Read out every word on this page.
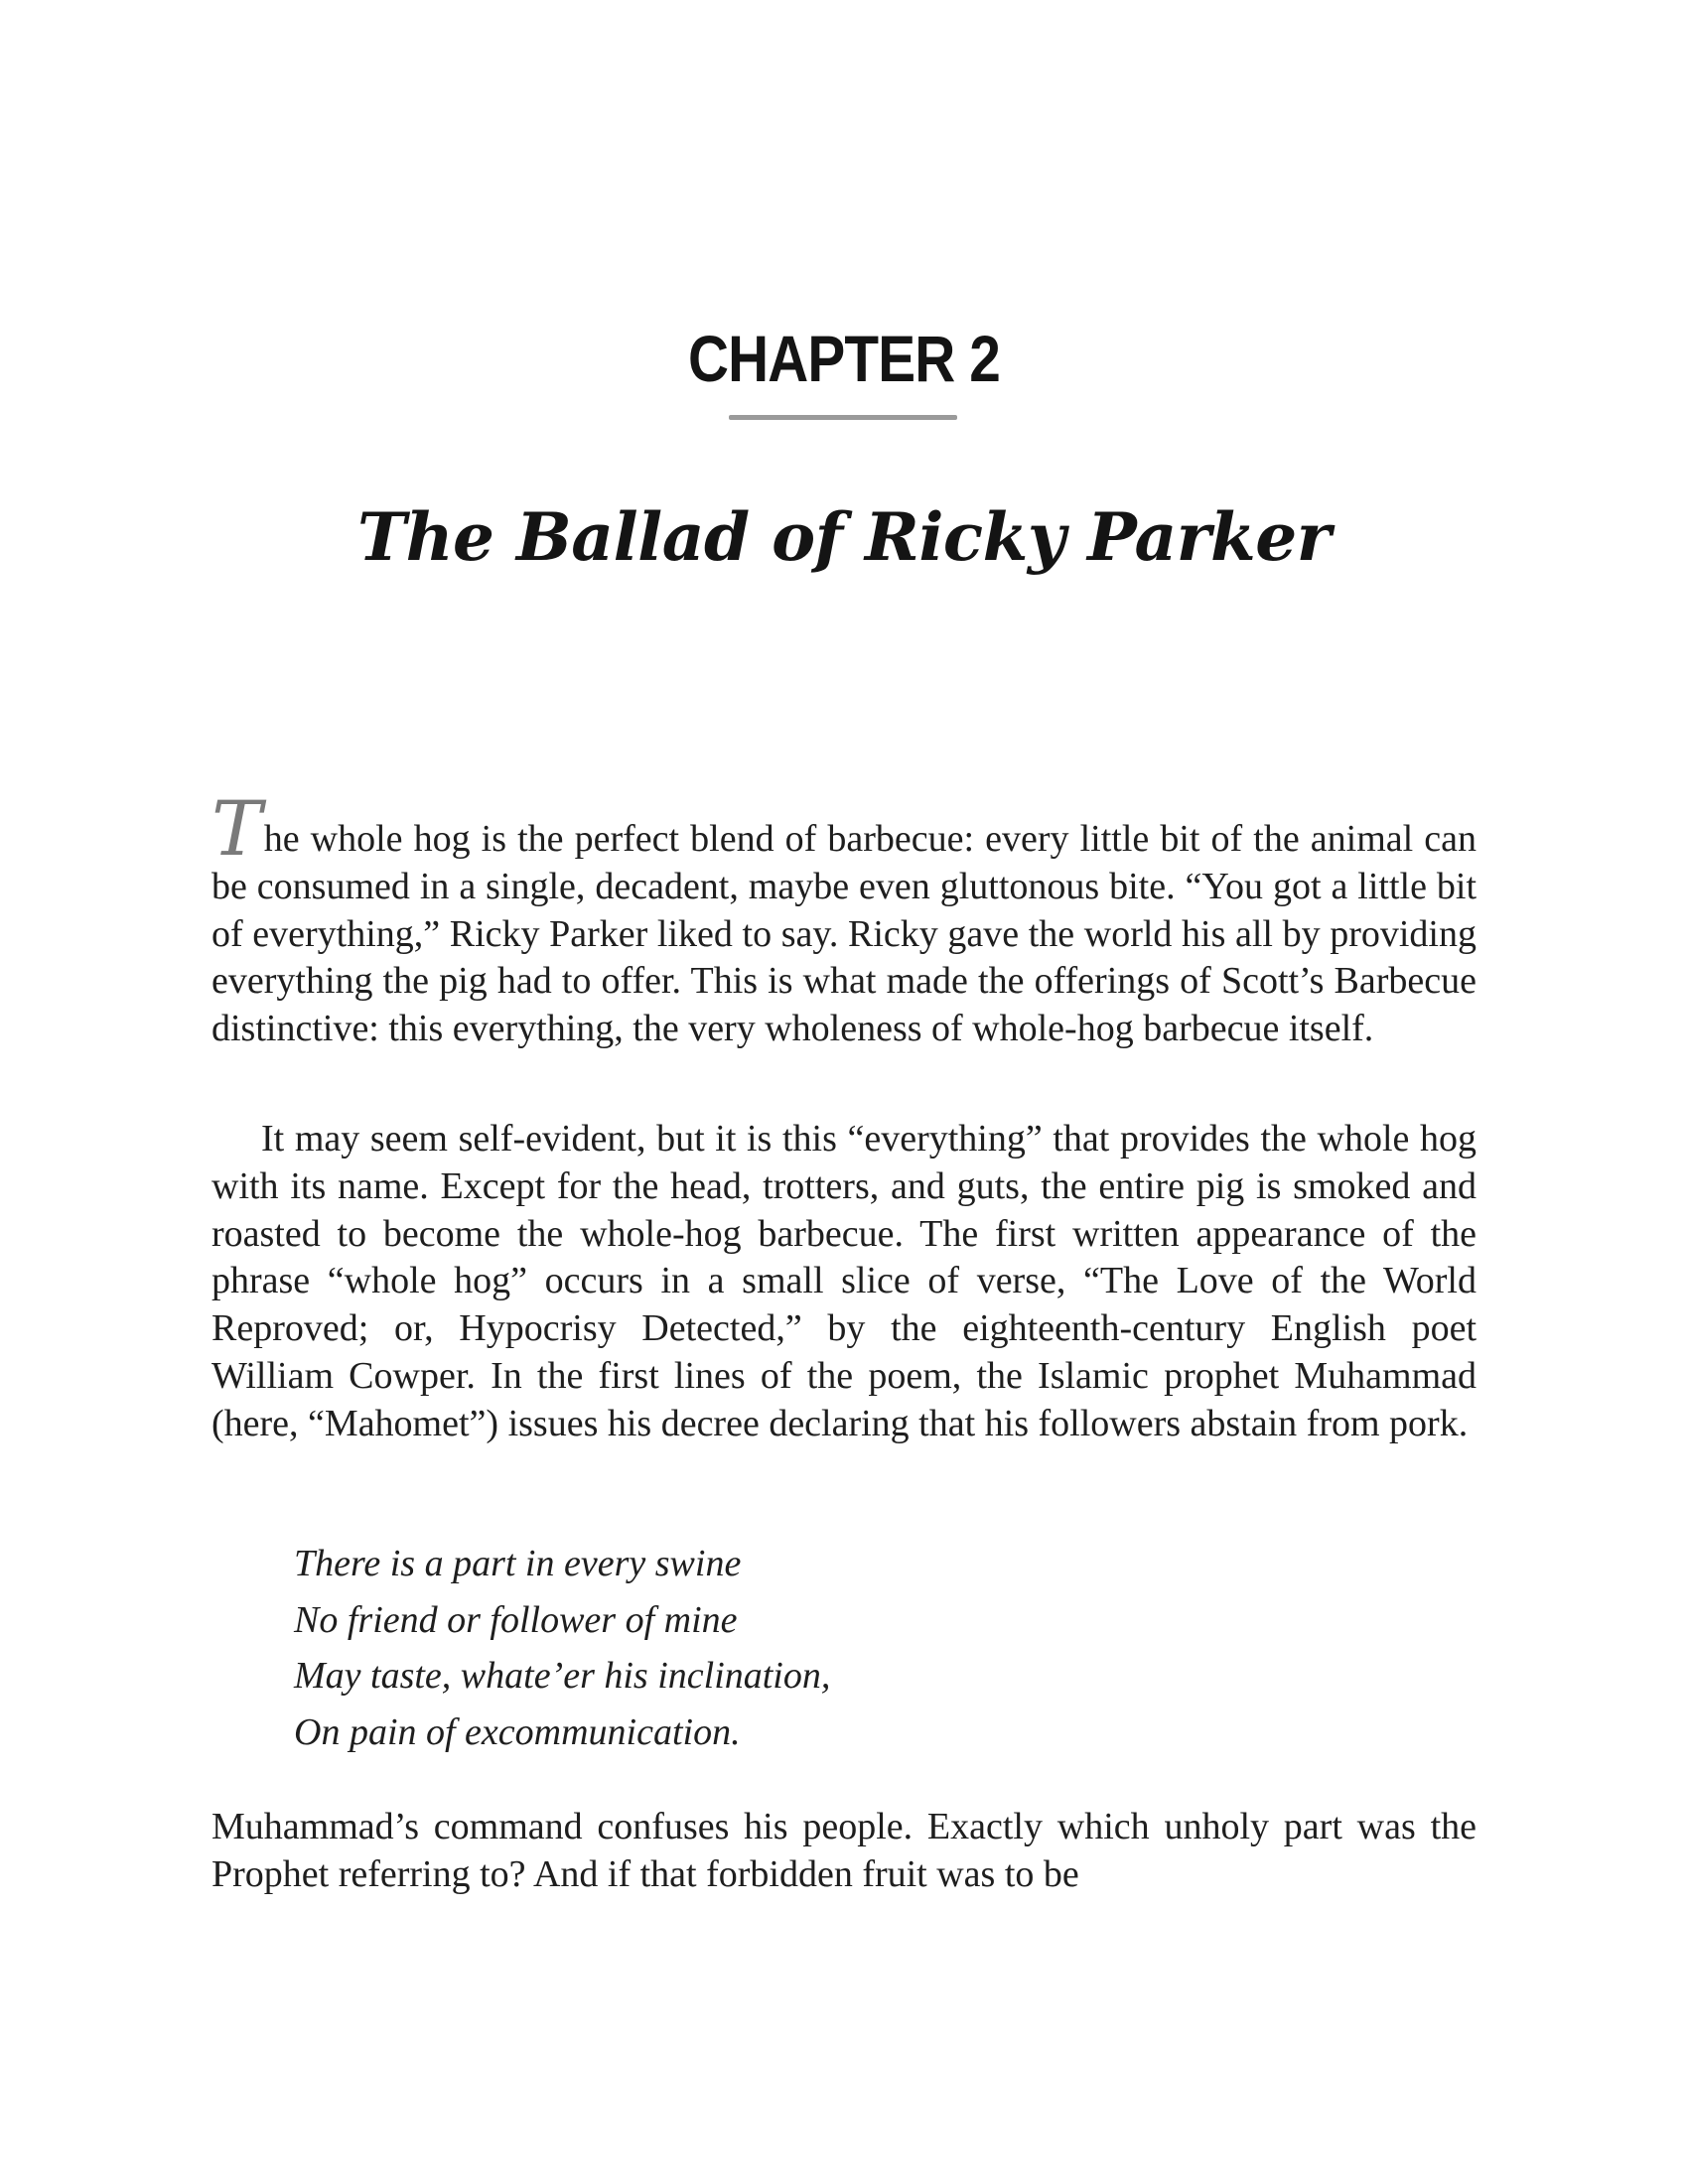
CHAPTER 2
The Ballad of Ricky Parker

The whole hog is the perfect blend of barbecue: every little bit of the animal can be consumed in a single, decadent, maybe even gluttonous bite. “You got a little bit of everything,” Ricky Parker liked to say. Ricky gave the world his all by providing everything the pig had to offer. This is what made the offerings of Scott’s Barbecue distinctive: this everything, the very wholeness of whole-hog barbecue itself.

It may seem self-evident, but it is this “everything” that provides the whole hog with its name. Except for the head, trotters, and guts, the entire pig is smoked and roasted to become the whole-hog barbecue. The first written appearance of the phrase “whole hog” occurs in a small slice of verse, “The Love of the World Reproved; or, Hypocrisy Detected,” by the eighteenth-century English poet William Cowper. In the first lines of the poem, the Islamic prophet Muhammad (here, “Mahomet”) issues his decree declaring that his followers abstain from pork.

There is a part in every swine
No friend or follower of mine
May taste, whate’er his inclination,
On pain of excommunication.

Muhammad’s command confuses his people. Exactly which unholy part was the Prophet referring to? And if that forbidden fruit was to be
